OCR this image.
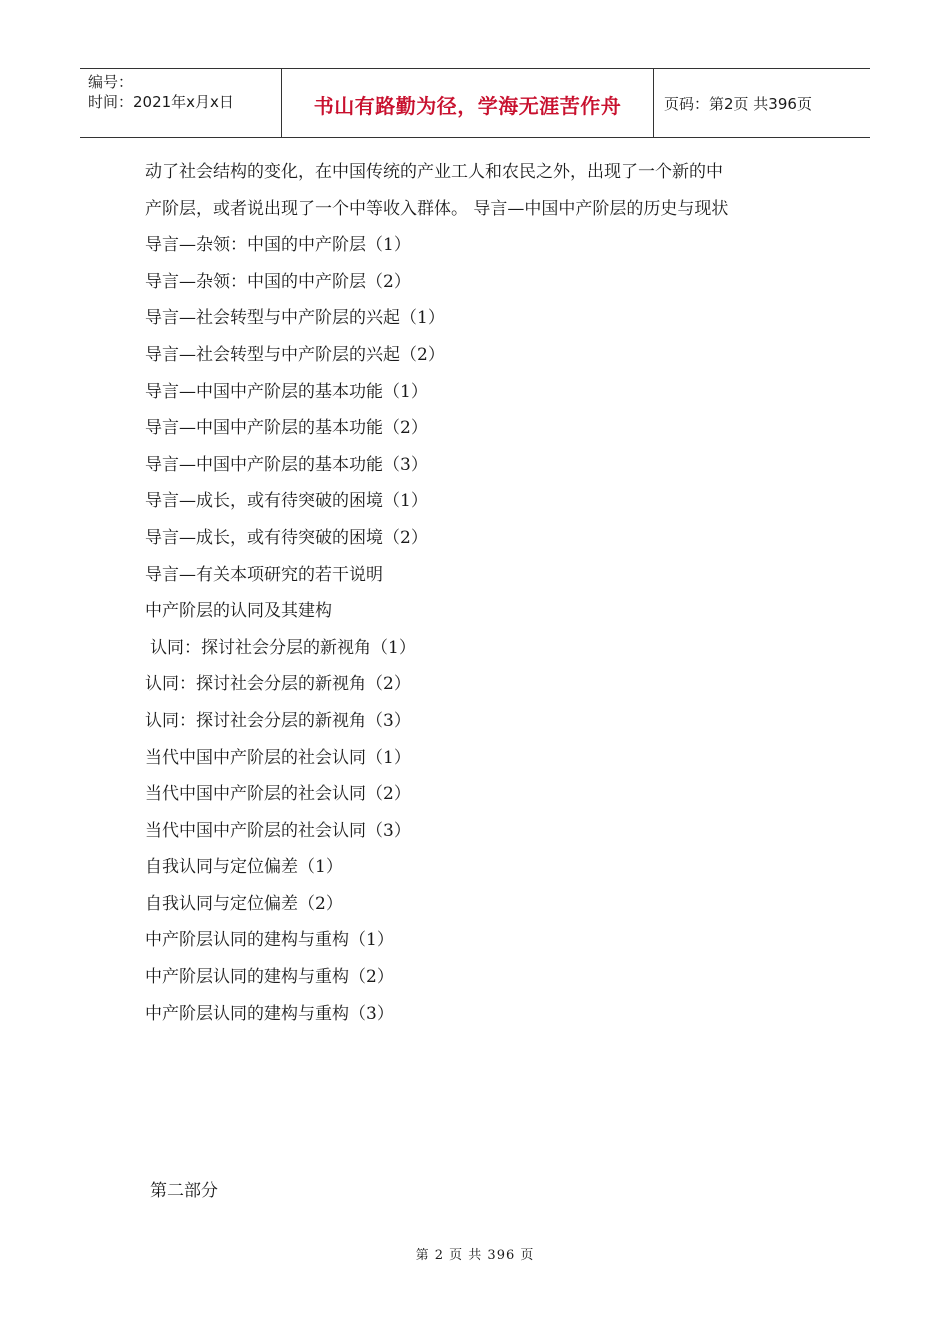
编号：
时间：2021年x月x日	书山有路勤为径，学海无涯苦作舟	页码：第2页 共396页
动了社会结构的变化，在中国传统的产业工人和农民之外，出现了一个新的中
产阶层，或者说出现了一个中等收入群体。 导言—中国中产阶层的历史与现状
导言—杂领：中国的中产阶层（1）
导言—杂领：中国的中产阶层（2）
导言—社会转型与中产阶层的兴起（1）
导言—社会转型与中产阶层的兴起（2）
导言—中国中产阶层的基本功能（1）
导言—中国中产阶层的基本功能（2）
导言—中国中产阶层的基本功能（3）
导言—成长，或有待突破的困境（1）
导言—成长，或有待突破的困境（2）
导言—有关本项研究的若干说明
中产阶层的认同及其建构
认同：探讨社会分层的新视角（1）
认同：探讨社会分层的新视角（2）
认同：探讨社会分层的新视角（3）
当代中国中产阶层的社会认同（1）
当代中国中产阶层的社会认同（2）
当代中国中产阶层的社会认同（3）
自我认同与定位偏差（1）
自我认同与定位偏差（2）
中产阶层认同的建构与重构（1）
中产阶层认同的建构与重构（2）
中产阶层认同的建构与重构（3）
第二部分
第 2 页 共 396 页
